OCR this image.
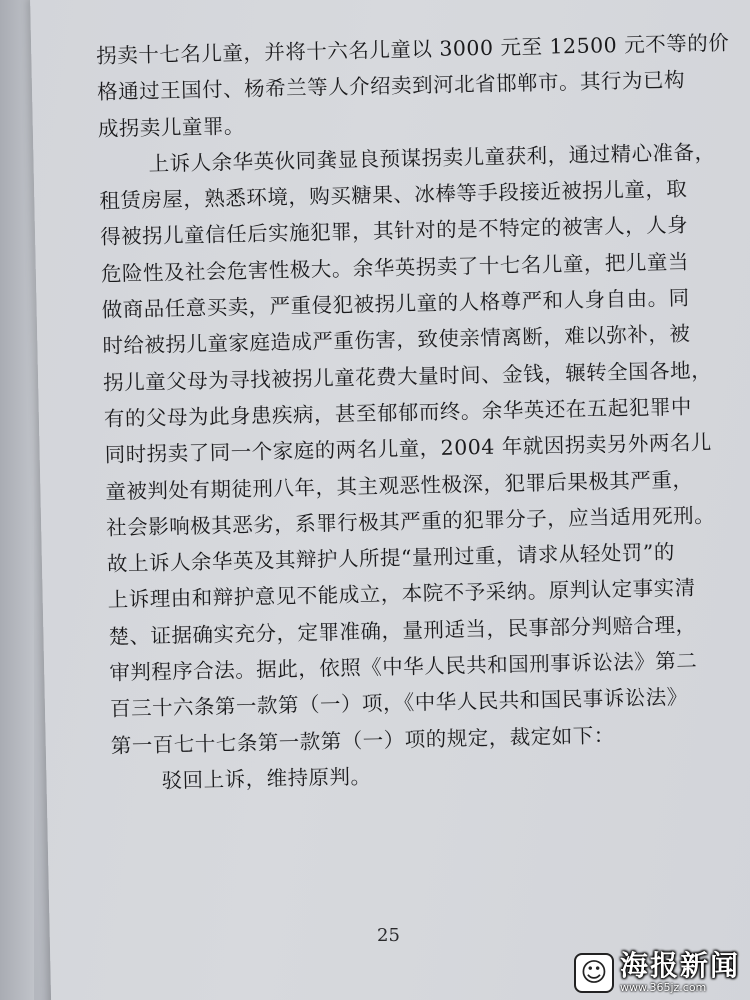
拐卖十七名儿童，并将十六名儿童以 3000 元至 12500 元不等的价
格通过王国付、杨希兰等人介绍卖到河北省邯郸市。其行为已构
成拐卖儿童罪。
上诉人余华英伙同龚显良预谋拐卖儿童获利，通过精心准备，
租赁房屋，熟悉环境，购买糖果、冰棒等手段接近被拐儿童，取
得被拐儿童信任后实施犯罪，其针对的是不特定的被害人，人身
危险性及社会危害性极大。余华英拐卖了十七名儿童，把儿童当
做商品任意买卖，严重侵犯被拐儿童的人格尊严和人身自由。同
时给被拐儿童家庭造成严重伤害，致使亲情离断，难以弥补，被
拐儿童父母为寻找被拐儿童花费大量时间、金钱，辗转全国各地，
有的父母为此身患疾病，甚至郁郁而终。余华英还在五起犯罪中
同时拐卖了同一个家庭的两名儿童，2004 年就因拐卖另外两名儿
童被判处有期徒刑八年，其主观恶性极深，犯罪后果极其严重，
社会影响极其恶劣，系罪行极其严重的犯罪分子，应当适用死刑。
故上诉人余华英及其辩护人所提“量刑过重，请求从轻处罚”的
上诉理由和辩护意见不能成立，本院不予采纳。原判认定事实清
楚、证据确实充分，定罪准确，量刑适当，民事部分判赔合理，
审判程序合法。据此，依照《中华人民共和国刑事诉讼法》第二
百三十六条第一款第（一）项，《中华人民共和国民事诉讼法》
第一百七十七条第一款第（一）项的规定，裁定如下：
驳回上诉，维持原判。
25
☺ 海报新闻
www.365jz.com
